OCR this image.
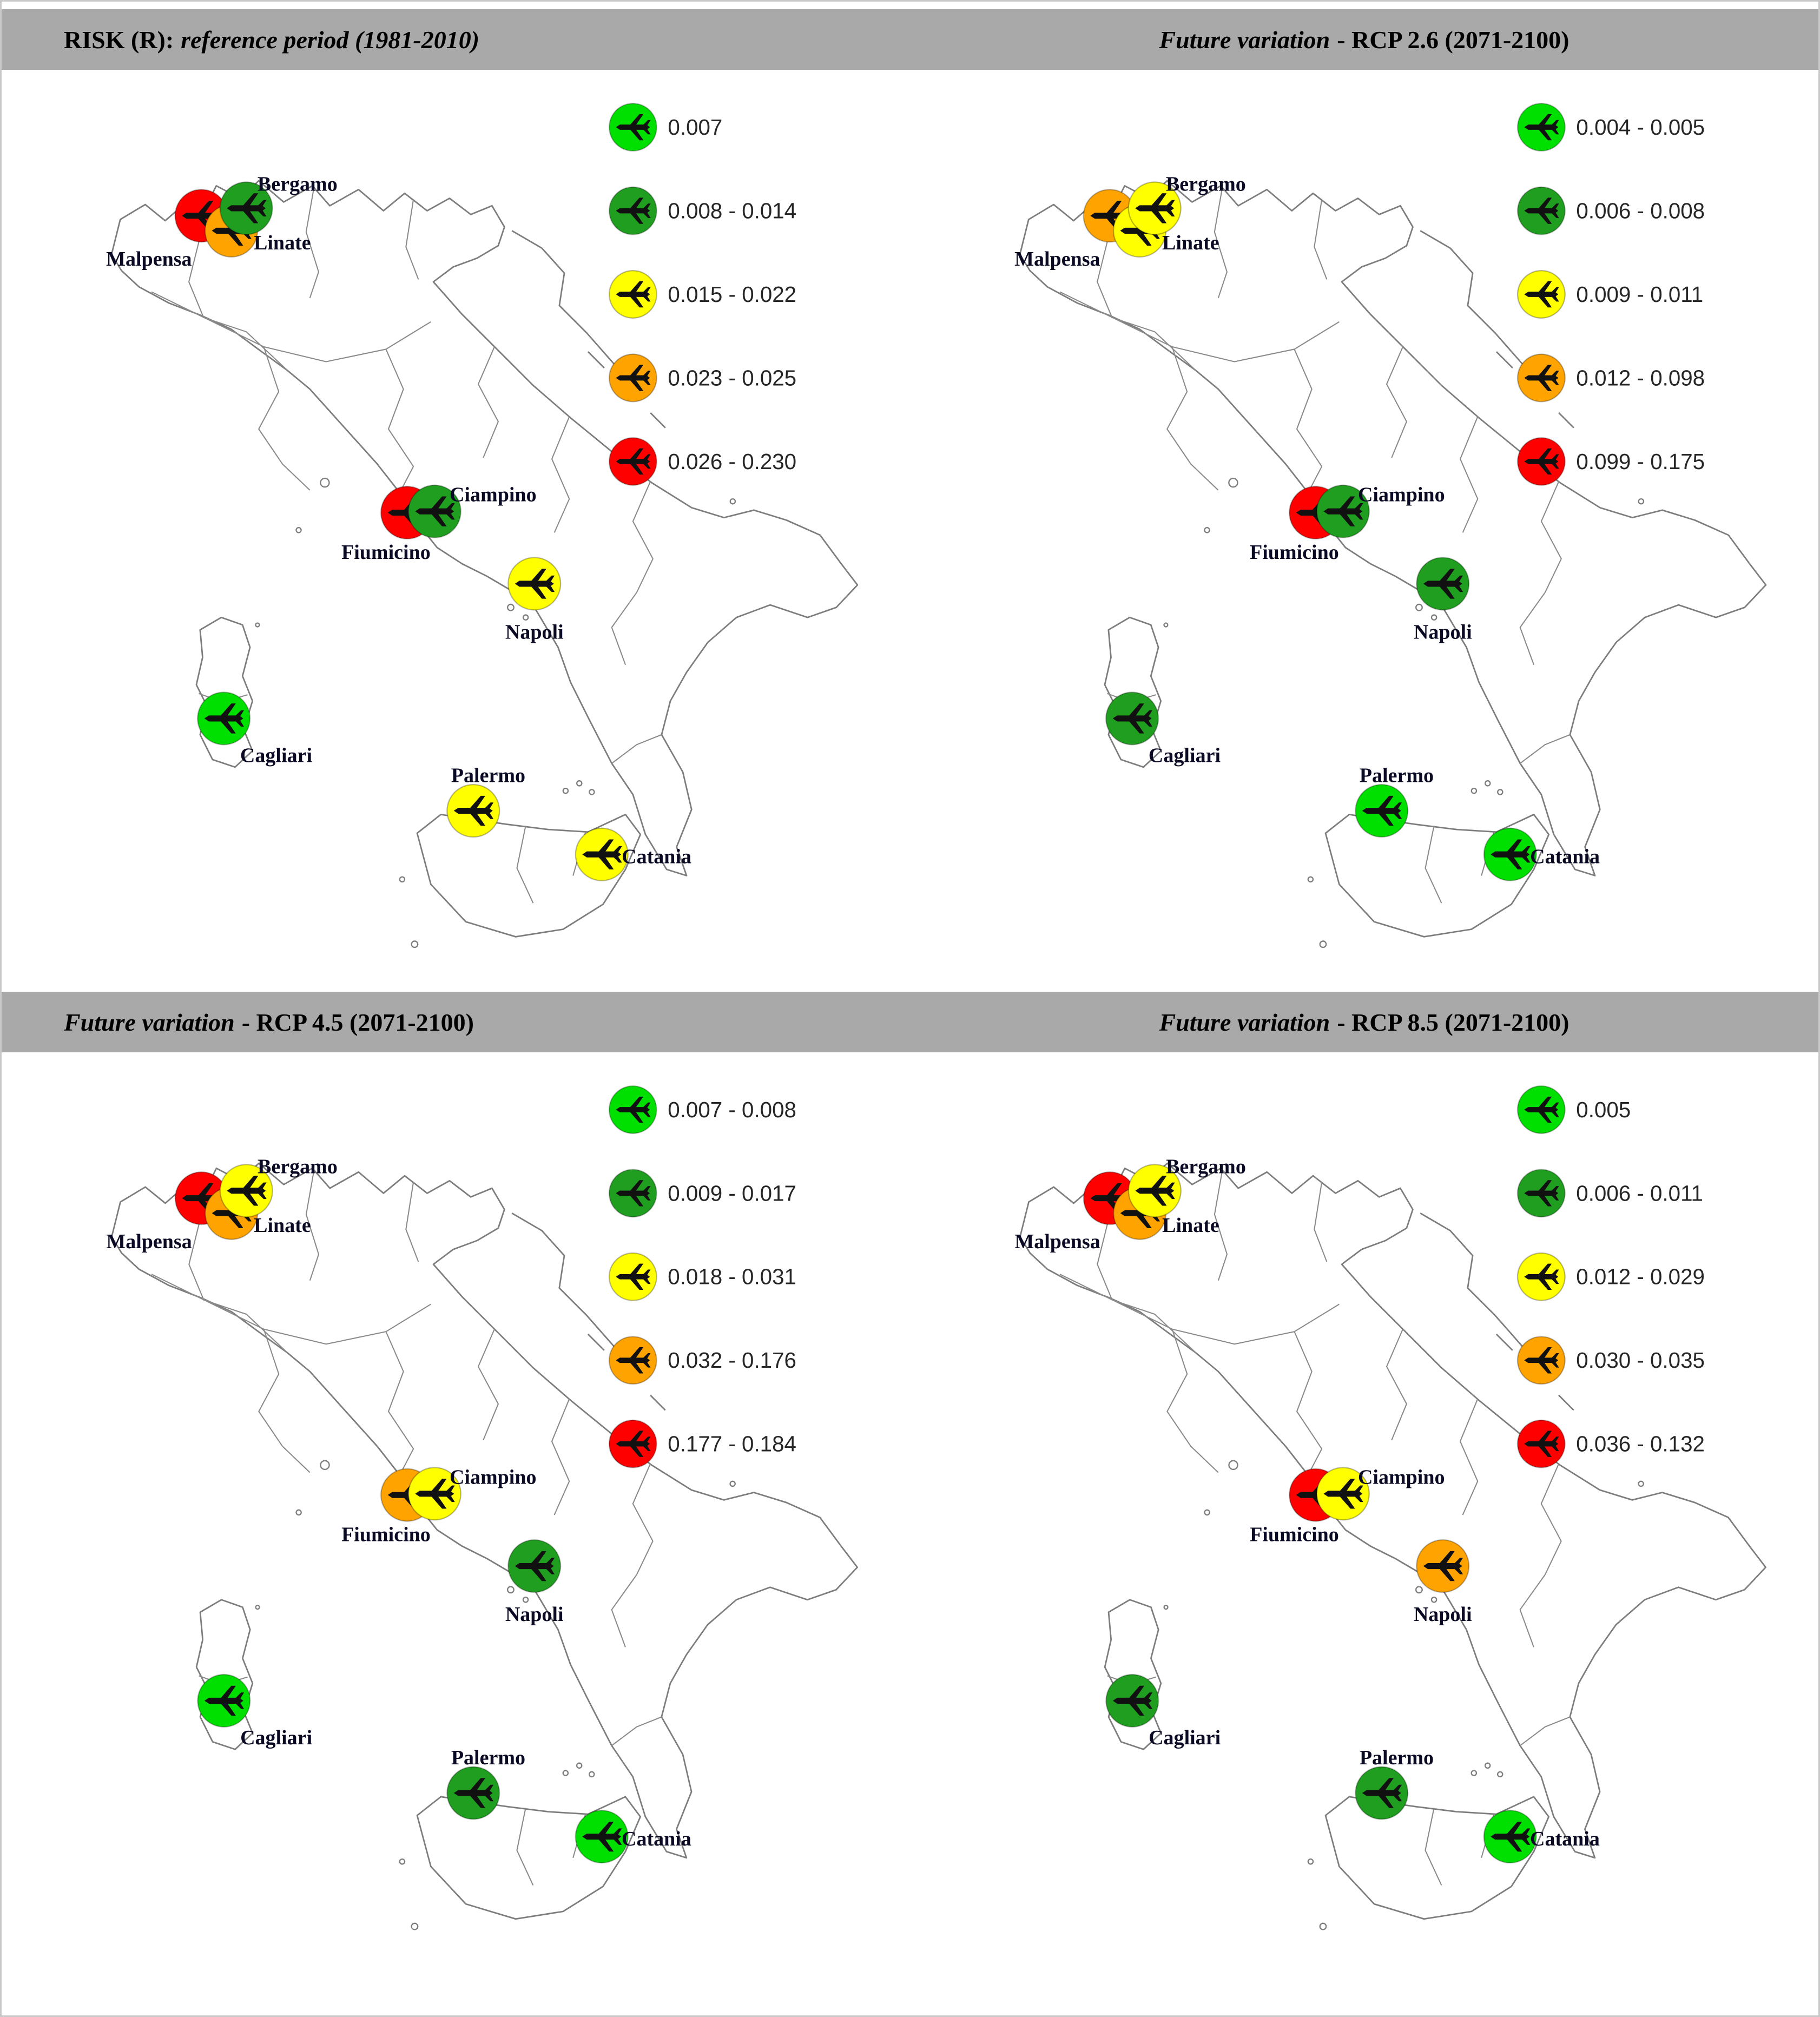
RISK (R): reference period (1981-2010)	Future variation - RCP 2.6 (2071-2100)
0.007
0.008 - 0.014
0.015 - 0.022
0.023 - 0.025
0.026 - 0.230
Malpensa
Linate
Bergamo
Fiumicino
Ciampino
Napoli
Cagliari
Palermo
Catania
0.004 - 0.005
0.006 - 0.008
0.009 - 0.011
0.012 - 0.098
0.099 - 0.175
Malpensa
Linate
Bergamo
Fiumicino
Ciampino
Napoli
Cagliari
Palermo
Catania
Future variation - RCP 4.5 (2071-2100)	Future variation - RCP 8.5 (2071-2100)
0.007 - 0.008
0.009 - 0.017
0.018 - 0.031
0.032 - 0.176
0.177 - 0.184
Malpensa
Linate
Bergamo
Fiumicino
Ciampino
Napoli
Cagliari
Palermo
Catania
0.005
0.006 - 0.011
0.012 - 0.029
0.030 - 0.035
0.036 - 0.132
Malpensa
Linate
Bergamo
Fiumicino
Ciampino
Napoli
Cagliari
Palermo
Catania
